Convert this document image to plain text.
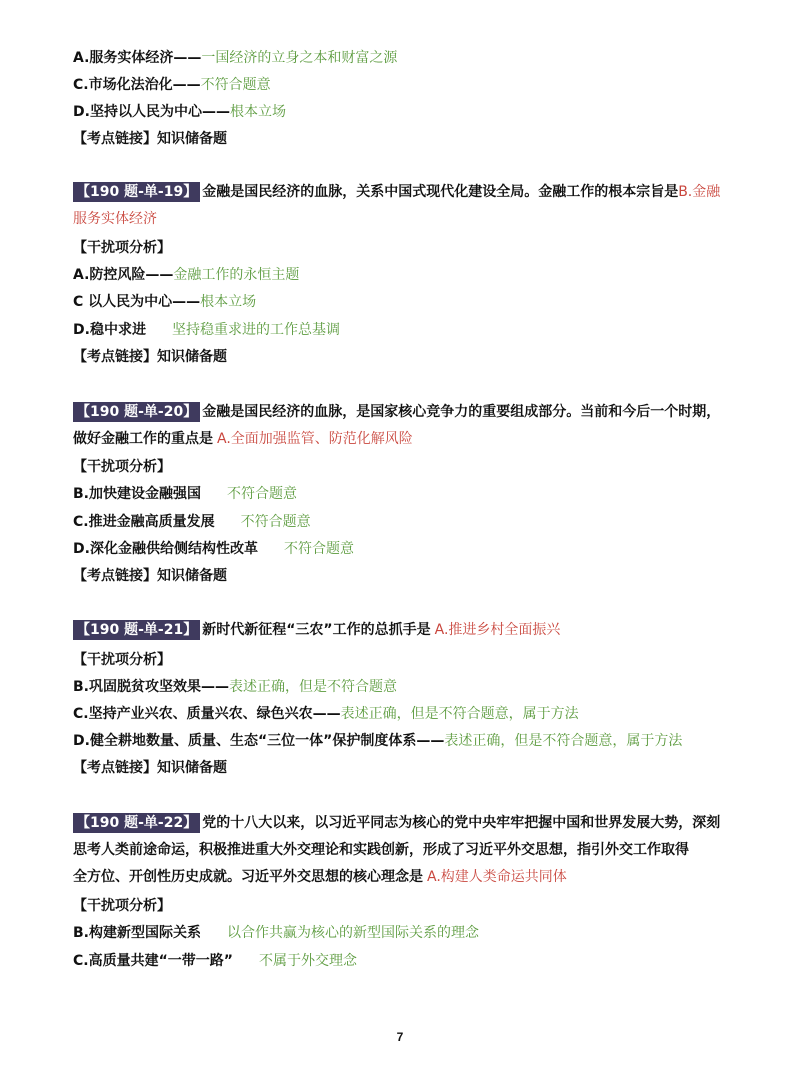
A.服务实体经济——一国经济的立身之本和财富之源
C.市场化法治化——不符合题意
D.坚持以人民为中心——根本立场
【考点链接】知识储备题
【190 题-单-19】 金融是国民经济的血脉，关系中国式现代化建设全局。金融工作的根本宗旨是B.金融
服务实体经济
【干扰项分析】
A.防控风险——金融工作的永恒主题
C 以人民为中心——根本立场
D.稳中求进 坚持稳重求进的工作总基调
【考点链接】知识储备题
【190 题-单-20】 金融是国民经济的血脉，是国家核心竞争力的重要组成部分。当前和今后一个时期，
做好金融工作的重点是 A.全面加强监管、防范化解风险
【干扰项分析】
B.加快建设金融强国 不符合题意
C.推进金融高质量发展 不符合题意
D.深化金融供给侧结构性改革 不符合题意
【考点链接】知识储备题
【190 题-单-21】 新时代新征程“三农”工作的总抓手是 A.推进乡村全面振兴
【干扰项分析】
B.巩固脱贫攻坚效果——表述正确，但是不符合题意
C.坚持产业兴农、质量兴农、绿色兴农——表述正确，但是不符合题意，属于方法
D.健全耕地数量、质量、生态“三位一体”保护制度体系——表述正确，但是不符合题意，属于方法
【考点链接】知识储备题
【190 题-单-22】 党的十八大以来，以习近平同志为核心的党中央牢牢把握中国和世界发展大势，深刻
思考人类前途命运，积极推进重大外交理论和实践创新，形成了习近平外交思想，指引外交工作取得
全方位、开创性历史成就。习近平外交思想的核心理念是 A.构建人类命运共同体
【干扰项分析】
B.构建新型国际关系 以合作共赢为核心的新型国际关系的理念
C.高质量共建“一带一路” 不属于外交理念
7
